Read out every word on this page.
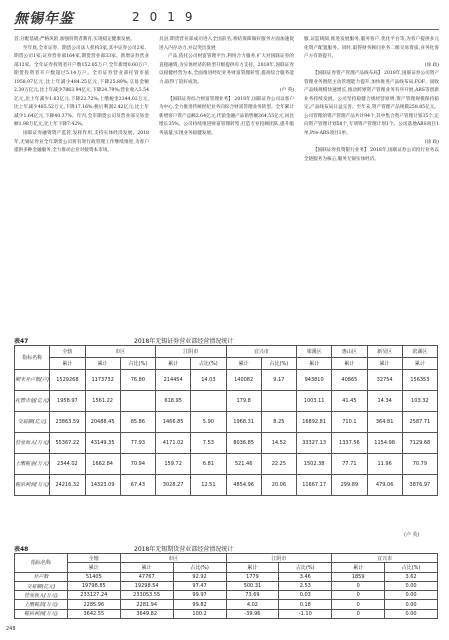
無锡年鉴	2019

首,分配基础;严格风险,加强投资者教育,实现稳定健康发展。

至年底,全市证券、期货公司法人机构3家,其中证券公司2家、期货公司1家;证券营业部164家,期货营业部33家。新增证券营业部12家。全年证券投资者开户数152.85万户,全年新增0.60万户,期货投资者开户数超过5.14万户。全市证券营业部托管市值1958.97亿元,比上年减少484.25亿元,下降25.89%;交易金额2.39万亿元,比上年减少7863.94亿元,下降24.79%;营业收入5.54亿元,比上年减少1.63亿元,下降22.72%;上缴税金2344.02万元,比上年减少485.52万元,下降17.16%;税后利润2.42亿元,比上年减少1.64亿元,下降40.37%。年内,全市期货公司及营业部交易金额1.98万亿元,比上年下降7.42%。

国联证券融资资产监管,发挥作用,支持实体经济发展。2018年,无锡证券业全年期货公司将有效行政管理工作继续推进,为客户提供多种金融服务,全力推动企业对接资本市场。

具县,期货营业部成功进入全国前名,将结保障做好服务方面加速促进入内存动力,并以突出发展

产品,依托公司财富管理平台,利用合力服务,扩大对国联证券的直接融资,为实体经济的转型升级提供有力支持。2018年,国联证券以稳健经营为本,全面推进经纪业务财富管理转型,提高综合服务能力,取得了较好成效。

(卢 英)

【国联证券综合财富管理业务】 2018年,国联证券公司以客户为中心,全力推进传统经纪业务向综合财富管理业务转型。全年累计新增客户资产总额2.64亿元,代销金融产品销售额364.55亿元,同比增长35%。公司持续推进财富管理转型,打造专业投顾团队,提升服务质量,实现业务稳健发展。

服,证监线阅,推进发展服务,服务客户,优化平台等,为客户提供多元化资产配置服务。同时,取得财务顾问业务二级交易资质,业务化客户方有效提升。

(徐 政)

【国联证券资产管理产品线布局】 2018年,国联证券公司资产管理业务围绕主动管理能力提升,加快推进产品线布局,FOF、固收产品线规模快速增长,推动跨界资产管理业务有序开展,ABS等创新业务持续发展。公司坚持稳健合规经营原则,资产管理规模保持稳定,产品线布局日益完善。至年末,资产管理产品规模258.85亿元。公司管理的资产管理产品共计94个,其中集合资产管理计划35个,定向资产管理计划58个,专项资产管理计划1个。公司落地ABS项目1单,Pre-ABS项目1单。

(徐 政)

【国联证券投资银行业务】 2018年,国联证券公司投行业务以全链服务为核心,服务无锡实体经济。

表47	2018年无锡证券营业部经营情况统计
指标名称	全辖	市区		江阴市		宜兴市		梁溪区	惠山区	新吴区	滨湖区
	累计	累计	占比(%)	累计	占比(%)	累计	占比(%)	累计	累计	累计	累计
期末开户数(户)	1529268	1173732	76.80	214454	14.03	140082	9.17	943810	40865	32754	156353
托管市值(亿元)	1958.97	1561.22		618.95		179.8		1003.11	41.45	14.34	103.32
交易额(亿元)	23863.59	20488.45	85.86	1466.85	5.90	1968.31	8.25	16892.81	710.1	364.81	2587.71
营业收入(万元)	55367.22	43149.35	77.93	4171.02	7.53	8036.85	14.52	33327.13	1337.56	1154.98	7129.68
上缴税金(万元)	2344.02	1662.84	70.94	159.72	6.81	521.46	22.25	1502.38	77.71	11.96	70.79
税后利润(万元)	24216.32	14323.09	67.43	3028.27	12.51	4854.96	20.06	11667.17	299.89	479.06	3876.97
(卢 英)
表48	2018年无锡期货营业部经营情况统计
指标名称	全辖	市区		江阴市		宜兴市	
	累计	累计	占比(%)	累计	占比(%)	累计	占比(%)
开户数	51405	47767	92.92	1779	3.46	1859	3.62
交易额(亿元)	19798.85	19298.54	97.47	500.31	2.53	0	0.00
营业收入(万元)	233127.24	233053.55	99.97	73.69	0.03	0	0.00
上缴税款(万元)	2285.96	2281.94	99.82	4.02	0.18	0	0.00
税后利润(万元)	3642.55	3649.82	100.2	-39.96	-1.10	0	0.00
248
